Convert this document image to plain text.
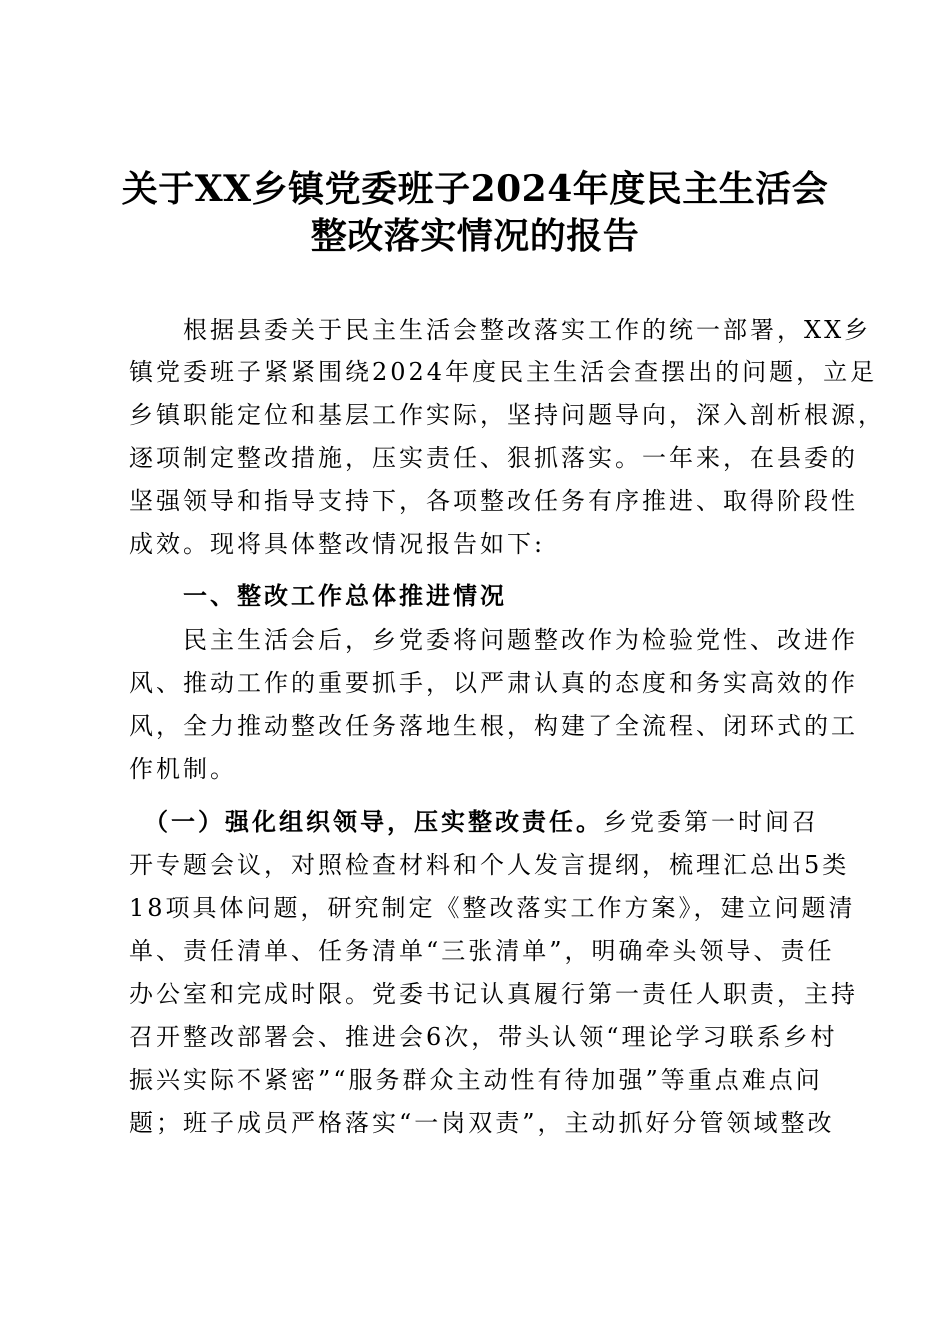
关于XX乡镇党委班子2024年度民主生活会
整改落实情况的报告
　　根据县委关于民主生活会整改落实工作的统一部署，XX乡
镇党委班子紧紧围绕2024年度民主生活会查摆出的问题，立足
乡镇职能定位和基层工作实际，坚持问题导向，深入剖析根源，
逐项制定整改措施，压实责任、狠抓落实。一年来，在县委的
坚强领导和指导支持下，各项整改任务有序推进、取得阶段性
成效。现将具体整改情况报告如下:
　　一、整改工作总体推进情况
　　民主生活会后，乡党委将问题整改作为检验党性、改进作
风、推动工作的重要抓手，以严肃认真的态度和务实高效的作
风，全力推动整改任务落地生根，构建了全流程、闭环式的工
作机制。
　（一）强化组织领导，压实整改责任。乡党委第一时间召
开专题会议，对照检查材料和个人发言提纲，梳理汇总出5类
18项具体问题，研究制定《整改落实工作方案》，建立问题清
单、责任清单、任务清单“三张清单”，明确牵头领导、责任
办公室和完成时限。党委书记认真履行第一责任人职责，主持
召开整改部署会、推进会6次，带头认领“理论学习联系乡村
振兴实际不紧密”“服务群众主动性有待加强”等重点难点问
题；班子成员严格落实“一岗双责”，主动抓好分管领域整改
